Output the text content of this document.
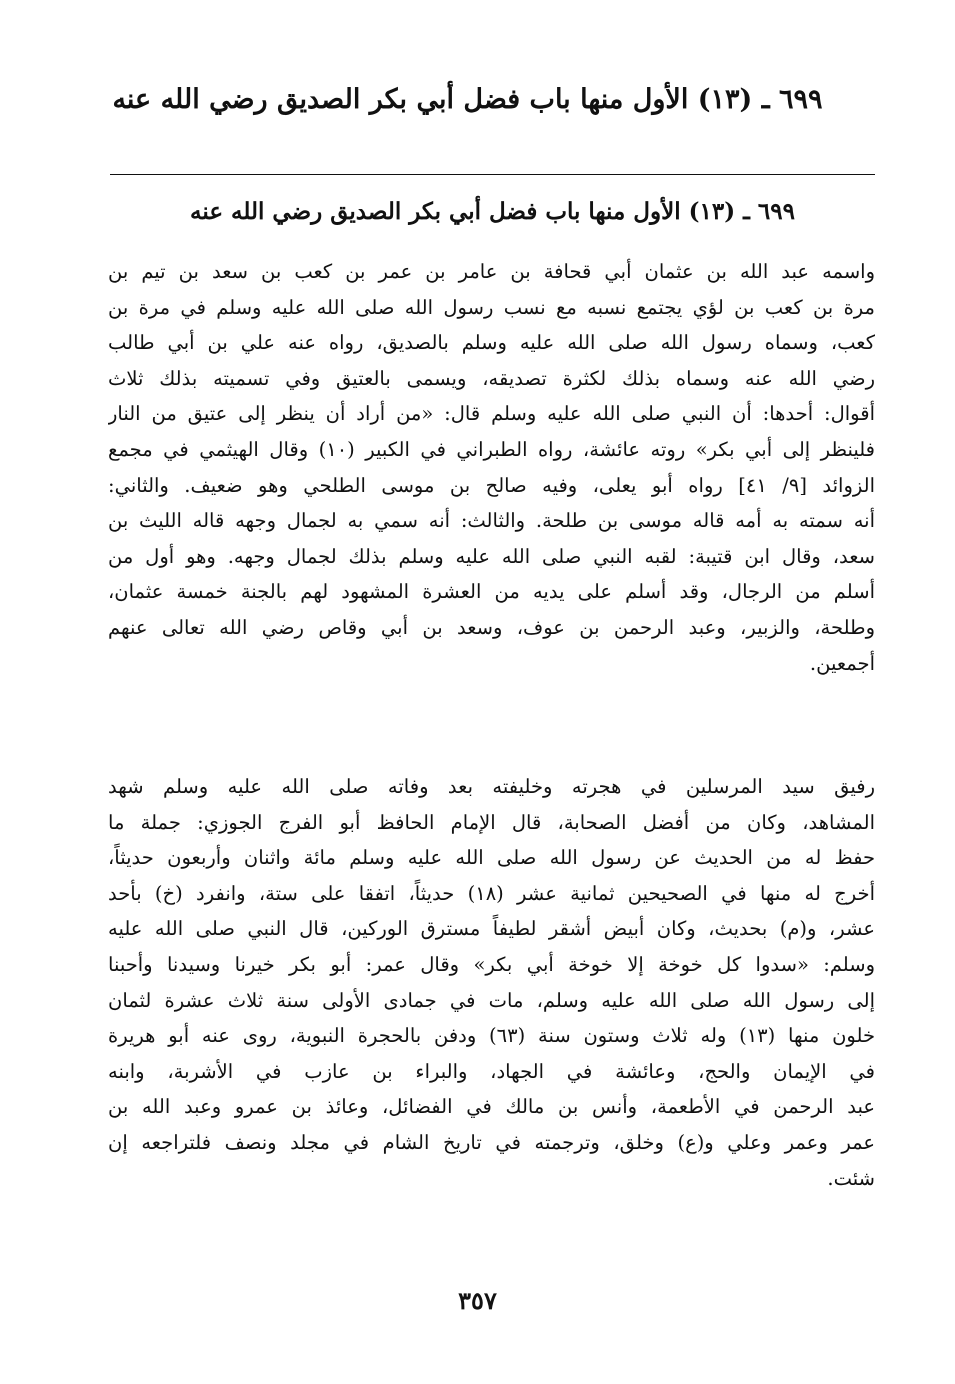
٦٩٩ ـ (١٣) الأول منها باب فضل أبي بكر الصديق رضي الله عنه
٦٩٩ ـ (١٣) الأول منها باب فضل أبي بكر الصديق رضي الله عنه
واسمه عبد الله بن عثمان أبي قحافة بن عامر بن عمر بن كعب بن سعد بن تيم بن
مرة بن كعب بن لؤي يجتمع نسبه مع نسب رسول الله صلى الله عليه وسلم في مرة بن
كعب، وسماه رسول الله صلى الله عليه وسلم بالصديق، رواه عنه علي بن أبي طالب
رضي الله عنه وسماه بذلك لكثرة تصديقه، ويسمى بالعتيق وفي تسميته بذلك ثلاث
أقوال: أحدها: أن النبي صلى الله عليه وسلم قال: «من أراد أن ينظر إلى عتيق من النار
فلينظر إلى أبي بكر» روته عائشة، رواه الطبراني في الكبير (١٠) وقال الهيثمي في مجمع
الزوائد [٩/ ٤١] رواه أبو يعلى، وفيه صالح بن موسى الطلحي وهو ضعيف. والثاني:
أنه سمته به أمه قاله موسى بن طلحة. والثالث: أنه سمي به لجمال وجهه قاله الليث بن
سعد، وقال ابن قتيبة: لقبه النبي صلى الله عليه وسلم بذلك لجمال وجهه. وهو أول من
أسلم من الرجال، وقد أسلم على يديه من العشرة المشهود لهم بالجنة خمسة عثمان،
وطلحة، والزبير، وعبد الرحمن بن عوف، وسعد بن أبي وقاص رضي الله تعالى عنهم
أجمعين.
رفيق سيد المرسلين في هجرته وخليفته بعد وفاته صلى الله عليه وسلم شهد
المشاهد، وكان من أفضل الصحابة، قال الإمام الحافظ أبو الفرج الجوزي: جملة ما
حفظ له من الحديث عن رسول الله صلى الله عليه وسلم مائة واثنان وأربعون حديثاً،
أخرج له منها في الصحيحين ثمانية عشر (١٨) حديثاً، اتفقا على ستة، وانفرد (خ) بأحد
عشر، و(م) بحديث، وكان أبيض أشقر لطيفاً مسترق الوركين، قال النبي صلى الله عليه
وسلم: «سدوا كل خوخة إلا خوخة أبي بكر» وقال عمر: أبو بكر خيرنا وسيدنا وأحبنا
إلى رسول الله صلى الله عليه وسلم، مات في جمادى الأولى سنة ثلاث عشرة لثمان
خلون منها (١٣) وله ثلاث وستون سنة (٦٣) ودفن بالحجرة النبوية، روى عنه أبو هريرة
في الإيمان والحج، وعائشة في الجهاد، والبراء بن عازب في الأشربة، وابنه
عبد الرحمن في الأطعمة، وأنس بن مالك في الفضائل، وعائذ بن عمرو وعبد الله بن
عمر وعمر وعلي و(ع) وخلق، وترجمته في تاريخ الشام في مجلد ونصف فلتراجعه إن
شئت.
٣٥٧
